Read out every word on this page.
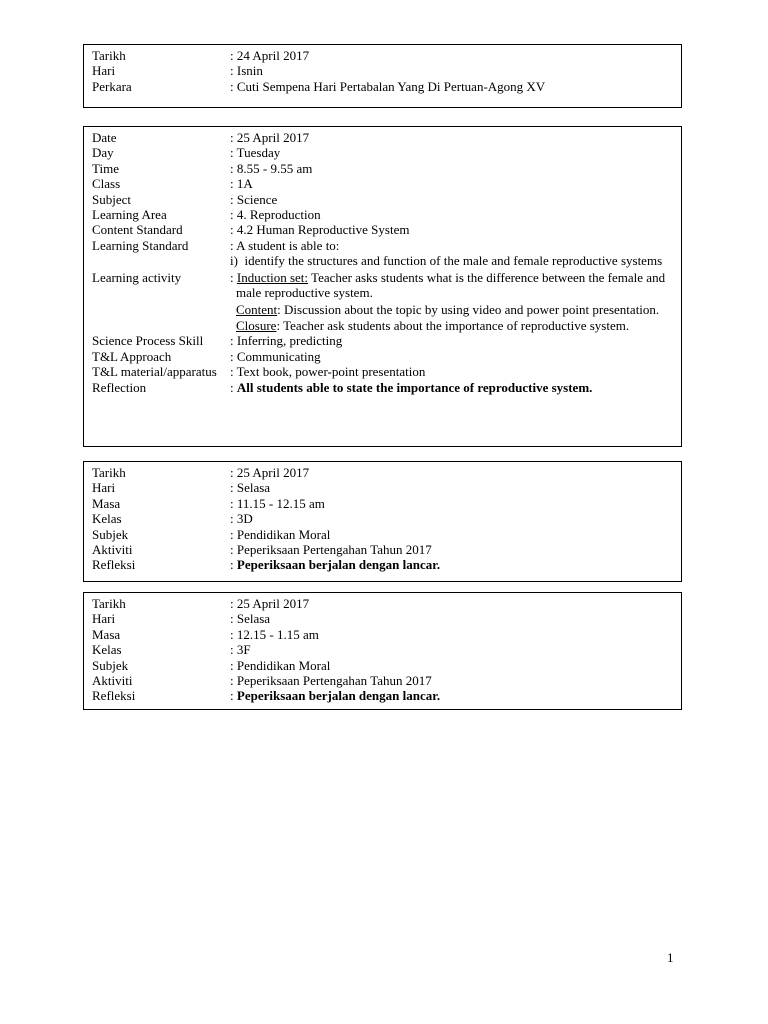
Tarikh	: 24 April 2017
Hari	: Isnin
Perkara	: Cuti Sempena Hari Pertabalan Yang Di Pertuan-Agong XV
Date	: 25 April 2017
Day	: Tuesday
Time	: 8.55 - 9.55 am
Class	: 1A
Subject	: Science
Learning Area	: 4. Reproduction
Content Standard	: 4.2 Human Reproductive System
Learning Standard	: A student is able to:
i) identify the structures and function of the male and female reproductive systems
Learning activity	: Induction set: Teacher asks students what is the difference between the female and male reproductive system.
Content: Discussion about the topic by using video and power point presentation.
Closure: Teacher ask students about the importance of reproductive system.
Science Process Skill	: Inferring, predicting
T&L Approach	: Communicating
T&L material/apparatus	: Text book, power-point presentation
Reflection	: All students able to state the importance of reproductive system.
Tarikh	: 25 April 2017
Hari	: Selasa
Masa	: 11.15 - 12.15 am
Kelas	: 3D
Subjek	: Pendidikan Moral
Aktiviti	: Peperiksaan Pertengahan Tahun 2017
Refleksi	: Peperiksaan berjalan dengan lancar.
Tarikh	: 25 April 2017
Hari	: Selasa
Masa	: 12.15 - 1.15 am
Kelas	: 3F
Subjek	: Pendidikan Moral
Aktiviti	: Peperiksaan Pertengahan Tahun 2017
Refleksi	: Peperiksaan berjalan dengan lancar.
1
